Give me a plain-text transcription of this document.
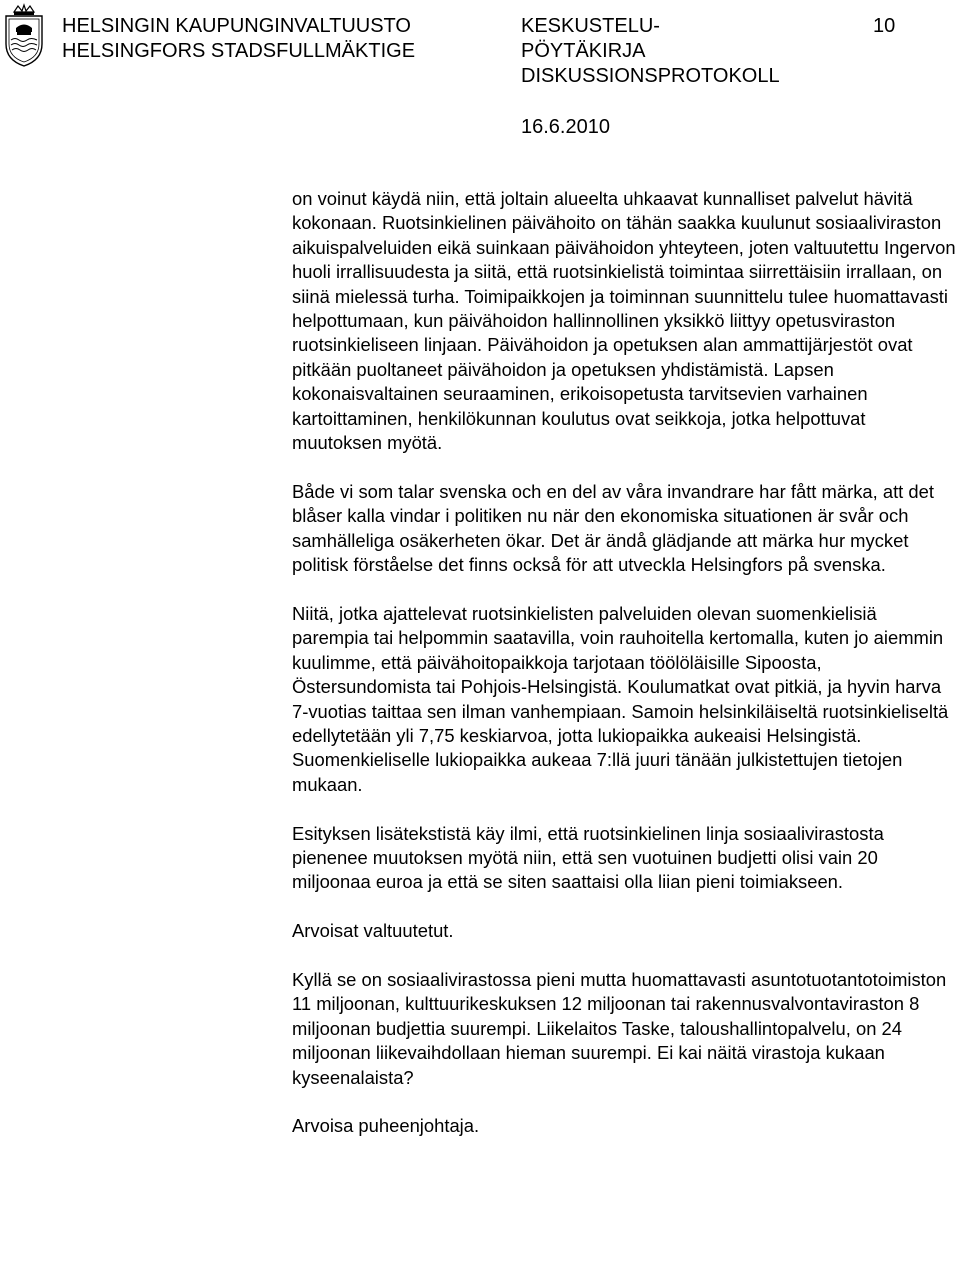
HELSINGIN KAUPUNGINVALTUUSTO
HELSINGFORS STADSFULLMÄKTIGE
KESKUSTELU-
PÖYTÄKIRJA
DISKUSSIONSPROTOKOLL
10
16.6.2010

on voinut käydä niin, että joltain alueelta uhkaavat kunnalliset palvelut hävitä kokonaan. Ruotsinkielinen päivähoito on tähän saakka kuulunut sosiaaliviraston aikuispalveluiden eikä suinkaan päivähoidon yhteyteen, joten valtuutettu Ingervon huoli irrallisuudesta ja siitä, että ruotsinkielistä toimintaa siirrettäisiin irrallaan, on siinä mielessä turha. Toimipaikkojen ja toiminnan suunnittelu tulee huomattavasti helpottumaan, kun päivähoidon hallinnollinen yksikkö liittyy opetusviraston ruotsinkieliseen linjaan. Päivähoidon ja opetuksen alan ammattijärjestöt ovat pitkään puoltaneet päivähoidon ja opetuksen yhdistämistä. Lapsen kokonaisvaltainen seuraaminen, erikoisopetusta tarvitsevien varhainen kartoittaminen, henkilökunnan koulutus ovat seikkoja, jotka helpottuvat muutoksen myötä.

Både vi som talar svenska och en del av våra invandrare har fått märka, att det blåser kalla vindar i politiken nu när den ekonomiska situationen är svår och samhälleliga osäkerheten ökar. Det är ändå glädjande att märka hur mycket politisk förståelse det finns också för att utveckla Helsingfors på svenska.

Niitä, jotka ajattelevat ruotsinkielisten palveluiden olevan suomenkielisiä parempia tai helpommin saatavilla, voin rauhoitella kertomalla, kuten jo aiemmin kuulimme, että päivähoitopaikkoja tarjotaan töölöläisille Sipoosta, Östersundomista tai Pohjois-Helsingistä. Koulumatkat ovat pitkiä, ja hyvin harva 7-vuotias taittaa sen ilman vanhempiaan. Samoin helsinkiläiseltä ruotsinkieliseltä edellytetään yli 7,75 keskiarvoa, jotta lukiopaikka aukeaisi Helsingistä. Suomenkieliselle lukiopaikka aukeaa 7:llä juuri tänään julkistettujen tietojen mukaan.

Esityksen lisätekstistä käy ilmi, että ruotsinkielinen linja sosiaalivirastosta pienenee muutoksen myötä niin, että sen vuotuinen budjetti olisi vain 20 miljoonaa euroa ja että se siten saattaisi olla liian pieni toimiakseen.

Arvoisat valtuutetut.

Kyllä se on sosiaalivirastossa pieni mutta huomattavasti asuntotuotantotoimiston 11 miljoonan, kulttuurikeskuksen 12 miljoonan tai rakennusvalvontaviraston 8 miljoonan budjettia suurempi. Liikelaitos Taske, taloushallintopalvelu, on 24 miljoonan liikevaihdollaan hieman suurempi. Ei kai näitä virastoja kukaan kyseenalaista?

Arvoisa puheenjohtaja.
